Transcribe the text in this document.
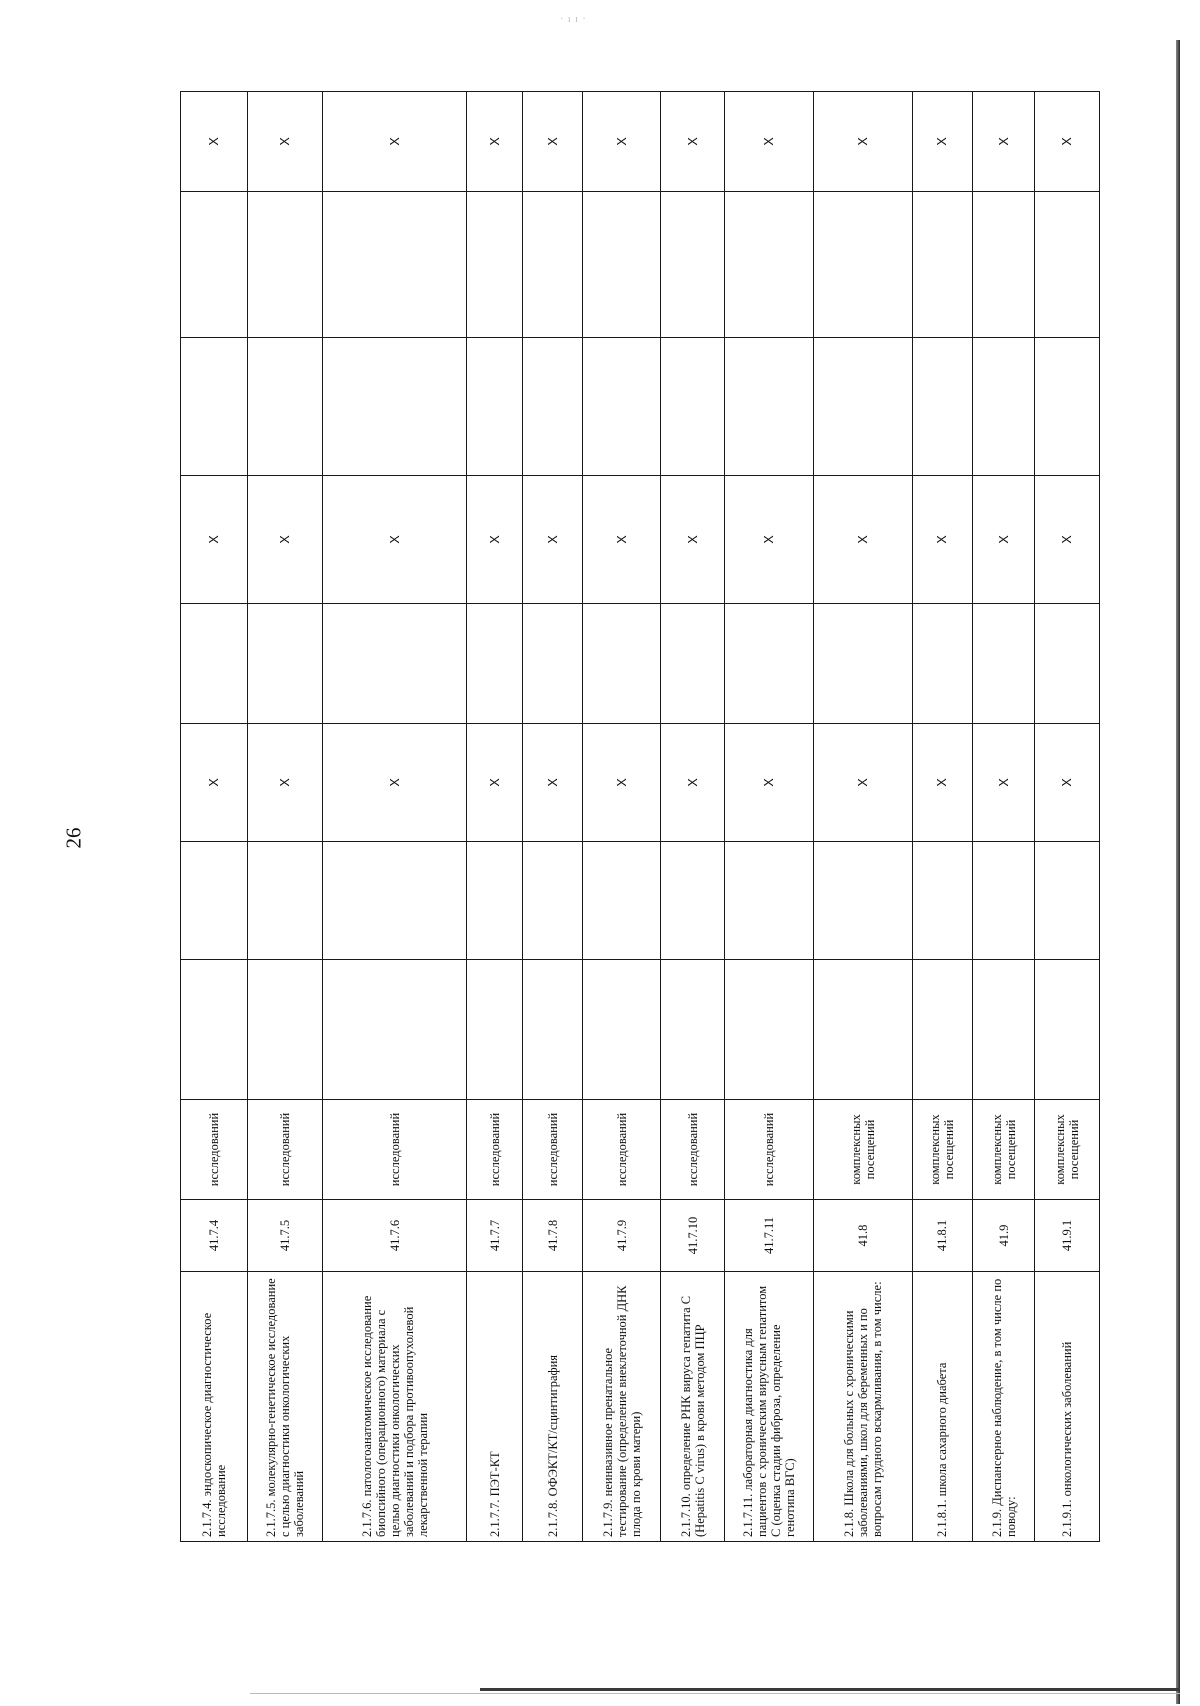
· ı ı ·
26
2.1.7.4. эндоскопическое диагностическое исследование	41.7.4	исследований			X		X			X
2.1.7.5. молекулярно-генетическое исследование с целью диагностики онкологических заболеваний	41.7.5	исследований			X		X			X
2.1.7.6. патологоанатомическое исследование биопсийного (операционного) материала с целью диагностики онкологических заболеваний и подбора противоопухолевой лекарственной терапии	41.7.6	исследований			X		X			X
2.1.7.7. ПЭТ-КТ	41.7.7	исследований			X		X			X
2.1.7.8. ОФЭКТ/КТ/сцинтиграфия	41.7.8	исследований			X		X			X
2.1.7.9. неинвазивное пренатальное тестирование (определение внеклеточной ДНК плода по крови матери)	41.7.9	исследований			X		X			X
2.1.7.10. определение РНК вируса гепатита С (Hepatitis C virus) в крови методом ПЦР	41.7.10	исследований			X		X			X
2.1.7.11. лабораторная диагностика для пациентов с хроническим вирусным гепатитом С (оценка стадии фиброза, определение генотипа ВГС)	41.7.11	исследований			X		X			X
2.1.8. Школа для больных с хроническими заболеваниями, школ для беременных и по вопросам грудного вскармливания, в том числе:	41.8	комплексных посещений			X		X			X
2.1.8.1. школа сахарного диабета	41.8.1	комплексных посещений			X		X			X
2.1.9. Диспансерное наблюдение, в том числе по поводу:	41.9	комплексных посещений			X		X			X
2.1.9.1. онкологических заболеваний	41.9.1	комплексных посещений			X		X			X
